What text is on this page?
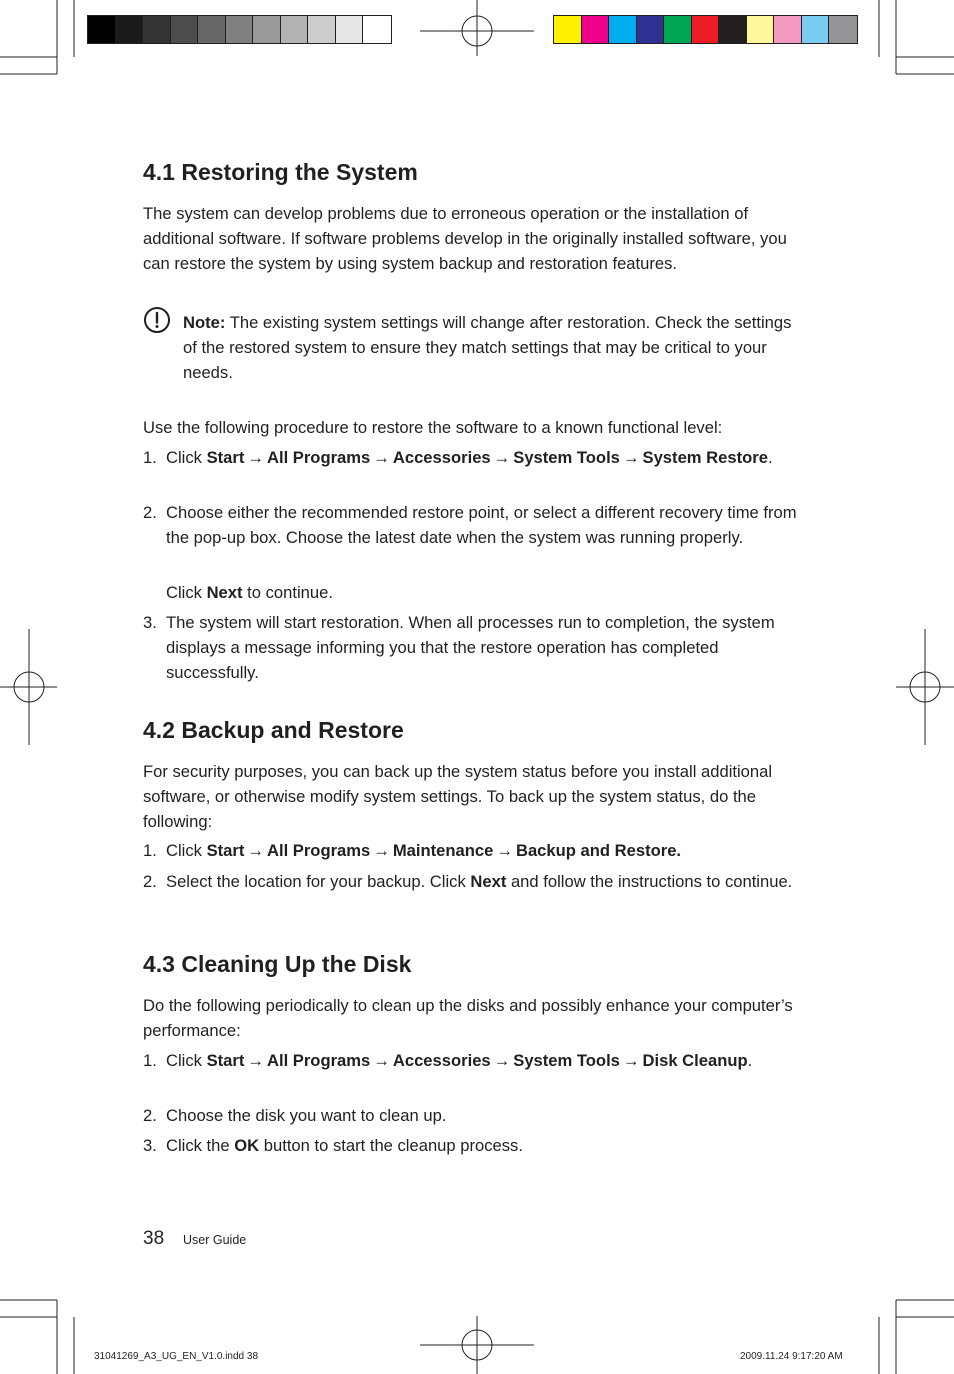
4.1 Restoring the System

The system can develop problems due to erroneous operation or the installation of additional software. If software problems develop in the originally installed software, you can restore the system by using system backup and restoration features.

Note: The existing system settings will change after restoration. Check the settings of the restored system to ensure they match settings that may be critical to your needs.

Use the following procedure to restore the software to a known functional level:

1. Click Start → All Programs → Accessories → System Tools → System Restore.
2. Choose either the recommended restore point, or select a different recovery time from the pop-up box. Choose the latest date when the system was running properly.
Click Next to continue.
3. The system will start restoration. When all processes run to completion, the system displays a message informing you that the restore operation has completed successfully.
4.2 Backup and Restore

For security purposes, you can back up the system status before you install additional software, or otherwise modify system settings. To back up the system status, do the following:

1. Click Start → All Programs → Maintenance → Backup and Restore.
2. Select the location for your backup. Click Next and follow the instructions to continue.
4.3 Cleaning Up the Disk

Do the following periodically to clean up the disks and possibly enhance your computer’s performance:

1. Click Start → All Programs → Accessories → System Tools → Disk Cleanup.
2. Choose the disk you want to clean up.
3. Click the OK button to start the cleanup process.
38 User Guide
31041269_A3_UG_EN_V1.0.indd 38	2009.11.24 9:17:20 AM
